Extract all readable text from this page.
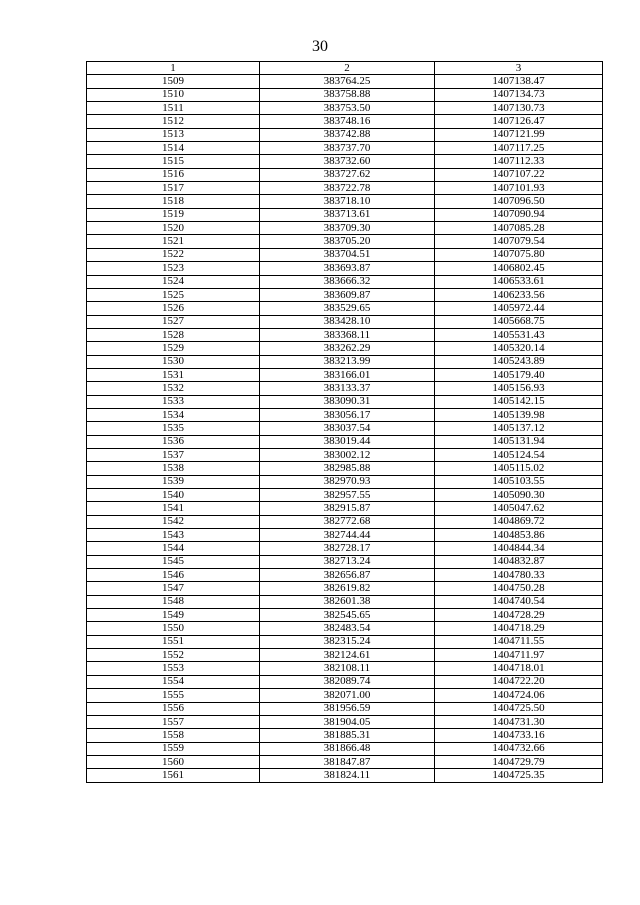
30
1	2	3
1509	383764.25	1407138.47
1510	383758.88	1407134.73
1511	383753.50	1407130.73
1512	383748.16	1407126.47
1513	383742.88	1407121.99
1514	383737.70	1407117.25
1515	383732.60	1407112.33
1516	383727.62	1407107.22
1517	383722.78	1407101.93
1518	383718.10	1407096.50
1519	383713.61	1407090.94
1520	383709.30	1407085.28
1521	383705.20	1407079.54
1522	383704.51	1407075.80
1523	383693.87	1406802.45
1524	383666.32	1406533.61
1525	383609.87	1406233.56
1526	383529.65	1405972.44
1527	383428.10	1405668.75
1528	383368.11	1405531.43
1529	383262.29	1405320.14
1530	383213.99	1405243.89
1531	383166.01	1405179.40
1532	383133.37	1405156.93
1533	383090.31	1405142.15
1534	383056.17	1405139.98
1535	383037.54	1405137.12
1536	383019.44	1405131.94
1537	383002.12	1405124.54
1538	382985.88	1405115.02
1539	382970.93	1405103.55
1540	382957.55	1405090.30
1541	382915.87	1405047.62
1542	382772.68	1404869.72
1543	382744.44	1404853.86
1544	382728.17	1404844.34
1545	382713.24	1404832.87
1546	382656.87	1404780.33
1547	382619.82	1404750.28
1548	382601.38	1404740.54
1549	382545.65	1404728.29
1550	382483.54	1404718.29
1551	382315.24	1404711.55
1552	382124.61	1404711.97
1553	382108.11	1404718.01
1554	382089.74	1404722.20
1555	382071.00	1404724.06
1556	381956.59	1404725.50
1557	381904.05	1404731.30
1558	381885.31	1404733.16
1559	381866.48	1404732.66
1560	381847.87	1404729.79
1561	381824.11	1404725.35
